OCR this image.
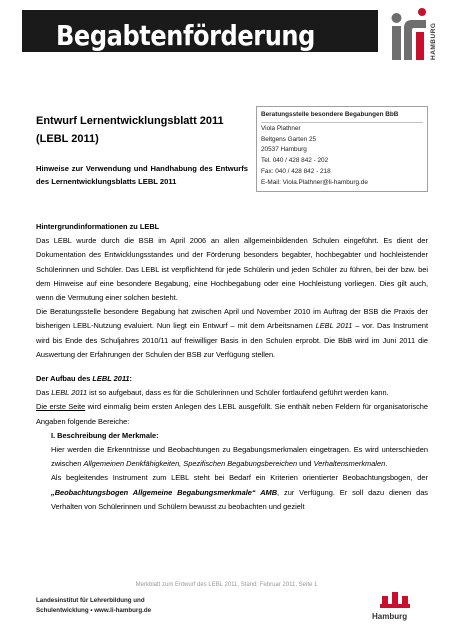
Begabtenförderung	HAMBURG
Entwurf Lernentwicklungsblatt 2011
(LEBL 2011)
Hinweise zur Verwendung und Handhabung des Entwurfs des Lernentwicklungsblatts LEBL 2011
Beratungsstelle besondere Begabungen BbB
Viola Plathner
Beltgens Garten 25
20537 Hamburg
Tel. 040 / 428 842 - 202
Fax: 040 / 428 842 - 218
E-Mail: Viola.Plathner@li-hamburg.de

Hintergrundinformationen zu LEBL

Das LEBL wurde durch die BSB im April 2006 an allen allgemeinbildenden Schulen eingeführt. Es dient der Dokumentation des Entwicklungsstandes und der Förderung besonders begabter, hochbegabter und hochleistender Schülerinnen und Schüler. Das LEBL ist verpflichtend für jede Schülerin und jeden Schüler zu führen, bei der bzw. bei dem Hinweise auf eine besondere Begabung, eine Hochbegabung oder eine Hochleistung vorliegen. Dies gilt auch, wenn die Vermutung einer solchen besteht.

Die Beratungsstelle besondere Begabung hat zwischen April und November 2010 im Auftrag der BSB die Praxis der bisherigen LEBL-Nutzung evaluiert. Nun liegt ein Entwurf – mit dem Arbeitsnamen LEBL 2011 – vor. Das Instrument wird bis Ende des Schuljahres 2010/11 auf freiwilliger Basis in den Schulen erprobt. Die BbB wird im Juni 2011 die Auswertung der Erfahrungen der Schulen der BSB zur Verfügung stellen.

Der Aufbau des LEBL 2011:

Das LEBL 2011 ist so aufgebaut, dass es für die Schülerinnen und Schüler fortlaufend geführt werden kann.

Die erste Seite wird einmalig beim ersten Anlegen des LEBL ausgefüllt. Sie enthält neben Feldern für organisatorische Angaben folgende Bereiche:

I. Beschreibung der Merkmale:

Hier werden die Erkenntnisse und Beobachtungen zu Begabungsmerkmalen eingetragen. Es wird unterschieden zwischen Allgemeinen Denkfähigkeiten, Spezifischen Begabungsbereichen und Verhaltensmerkmalen.

Als begleitendes Instrument zum LEBL steht bei Bedarf ein Kriterien orientierter Beobachtungsbogen, der „Beobachtungsbogen Allgemeine Begabungsmerkmale“ AMB, zur Verfügung. Er soll dazu dienen das Verhalten von Schülerinnen und Schülern bewusst zu beobachten und gezielt

Merkblatt zum Entwurf des LEBL 2011, Stand: Februar 2011, Seite 1
Landesinstitut für Lehrerbildung und
Schulentwicklung • www.li-hamburg.de
Hamburg
